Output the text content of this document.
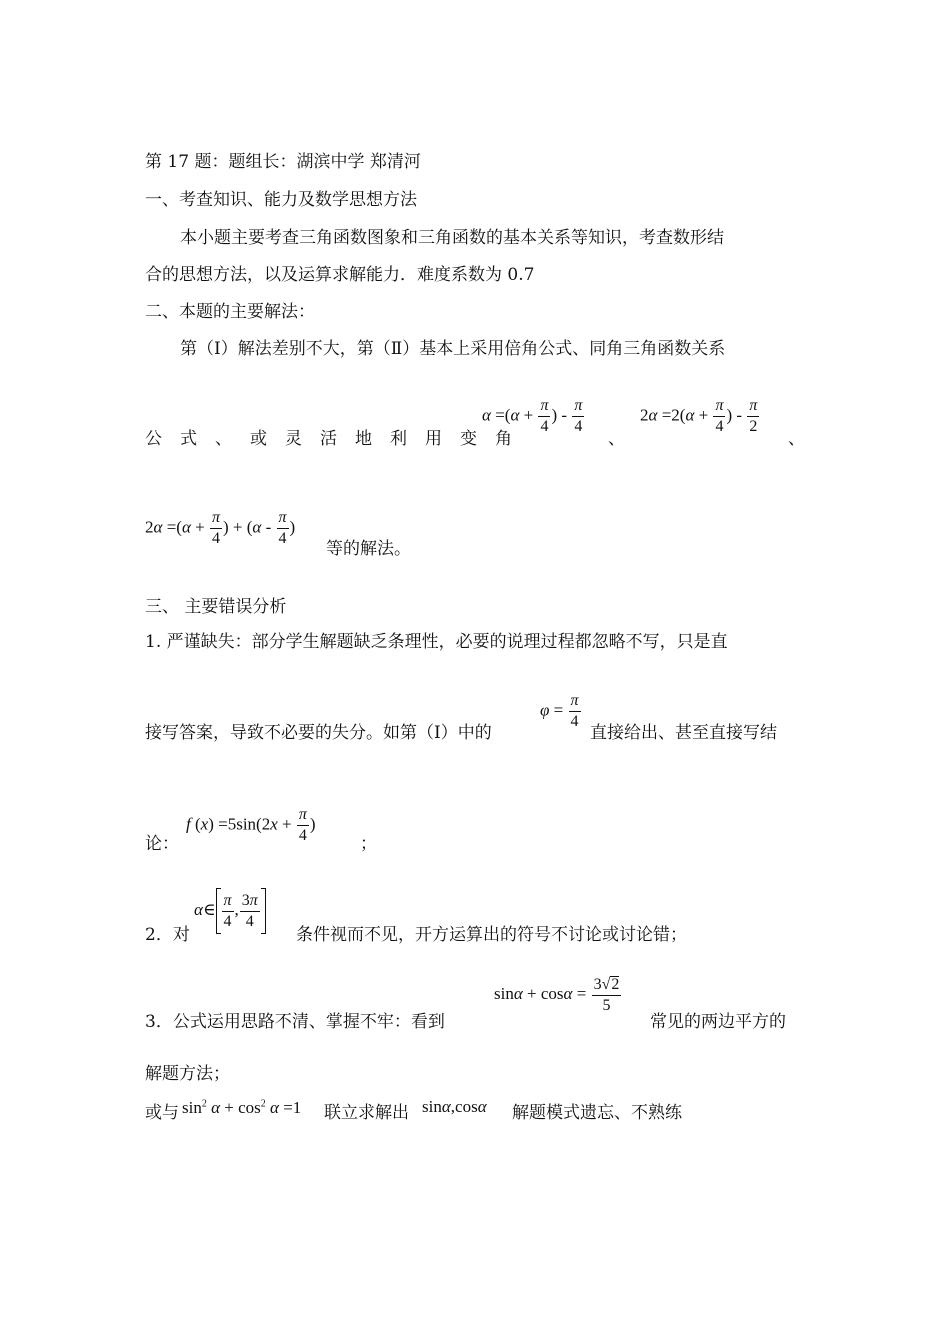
第 17 题：题组长：湖滨中学 郑清河
一、考查知识、能力及数学思想方法
本小题主要考查三角函数图象和三角函数的基本关系等知识，考查数形结
合的思想方法，以及运算求解能力．难度系数为 0.7
二、本题的主要解法：
第（Ⅰ）解法差别不大，第（Ⅱ）基本上采用倍角公式、同角三角函数关系
公式、或灵活地利用变角
$\alpha =(\alpha + \frac{\pi}{4}$ ) - $\frac{\pi}{4}$
、
$2\alpha =2(\alpha + \frac{\pi}{4}$ ) - $\frac{\pi}{2}$
、
$2\alpha =(\alpha + \frac{\pi}{4}$ ) + ($\alpha - \frac{\pi}{4}$ )
等的解法。
三、 主要错误分析
1. 严谨缺失：部分学生解题缺乏条理性，必要的说理过程都忽略不写，只是直
接写答案，导致不必要的失分。如第（Ⅰ）中的
$\varphi = \frac{\pi}{4}$
直接给出、甚至直接写结
论：
f $(x) =5\sin(2x + \frac{\pi}{4}$ )
；
2．对
α∈ $\frac{\pi}{4}$ , $\frac{3\pi}{4}$
条件视而不见，开方运算出的符号不讨论或讨论错；
3．公式运用思路不清、掌握不牢：看到
$\sin\alpha + \cos\alpha = \frac{3√2}{5}$
常见的两边平方的
解题方法；
或与 $\sin^2 \alpha + \cos^2 \alpha =1$ 联立求解出 sinα,cosα 解题模式遗忘、不熟练
